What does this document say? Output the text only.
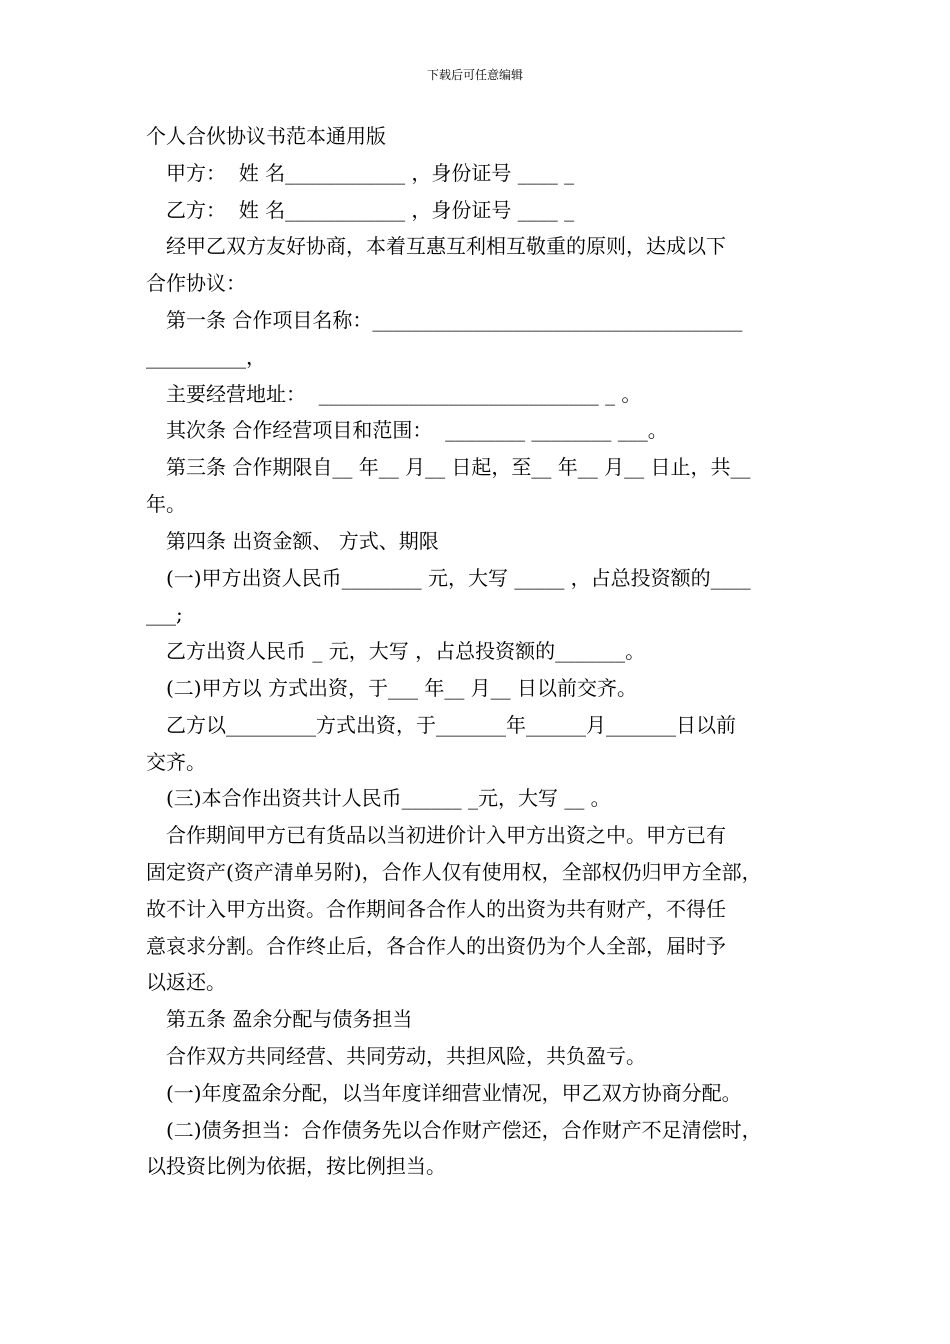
下载后可任意编辑
个人合伙协议书范本通用版
甲方：  姓 名____________ ，身份证号 ____ _
乙方：  姓 名____________ ，身份证号 ____ _
经甲乙双方友好协商，本着互惠互利相互敬重的原则，达成以下
合作协议：
第一条 合作项目名称：_____________________________________
__________，
主要经营地址：  ____________________________ _ 。
其次条 合作经营项目和范围：  ________ ________ ___。
第三条 合作期限自__ 年__ 月__ 日起，至__ 年__ 月__ 日止，共__
年。
第四条 出资金额、 方式、期限
(一)甲方出资人民币________ 元，大写 _____ ，占总投资额的____
___;
乙方出资人民币 _ 元，大写 ，占总投资额的_______。
(二)甲方以 方式出资，于___ 年__ 月__ 日以前交齐。
乙方以_________方式出资，于_______年______月_______日以前
交齐。
(三)本合作出资共计人民币______ _元，大写 __ 。
合作期间甲方已有货品以当初进价计入甲方出资之中。甲方已有
固定资产(资产清单另附)，合作人仅有使用权，全部权仍归甲方全部，
故不计入甲方出资。合作期间各合作人的出资为共有财产，不得任
意哀求分割。合作终止后，各合作人的出资仍为个人全部，届时予
以返还。
第五条 盈余分配与债务担当
合作双方共同经营、共同劳动，共担风险，共负盈亏。
(一)年度盈余分配，以当年度详细营业情况，甲乙双方协商分配。
(二)债务担当：合作债务先以合作财产偿还，合作财产不足清偿时，
以投资比例为依据，按比例担当。
